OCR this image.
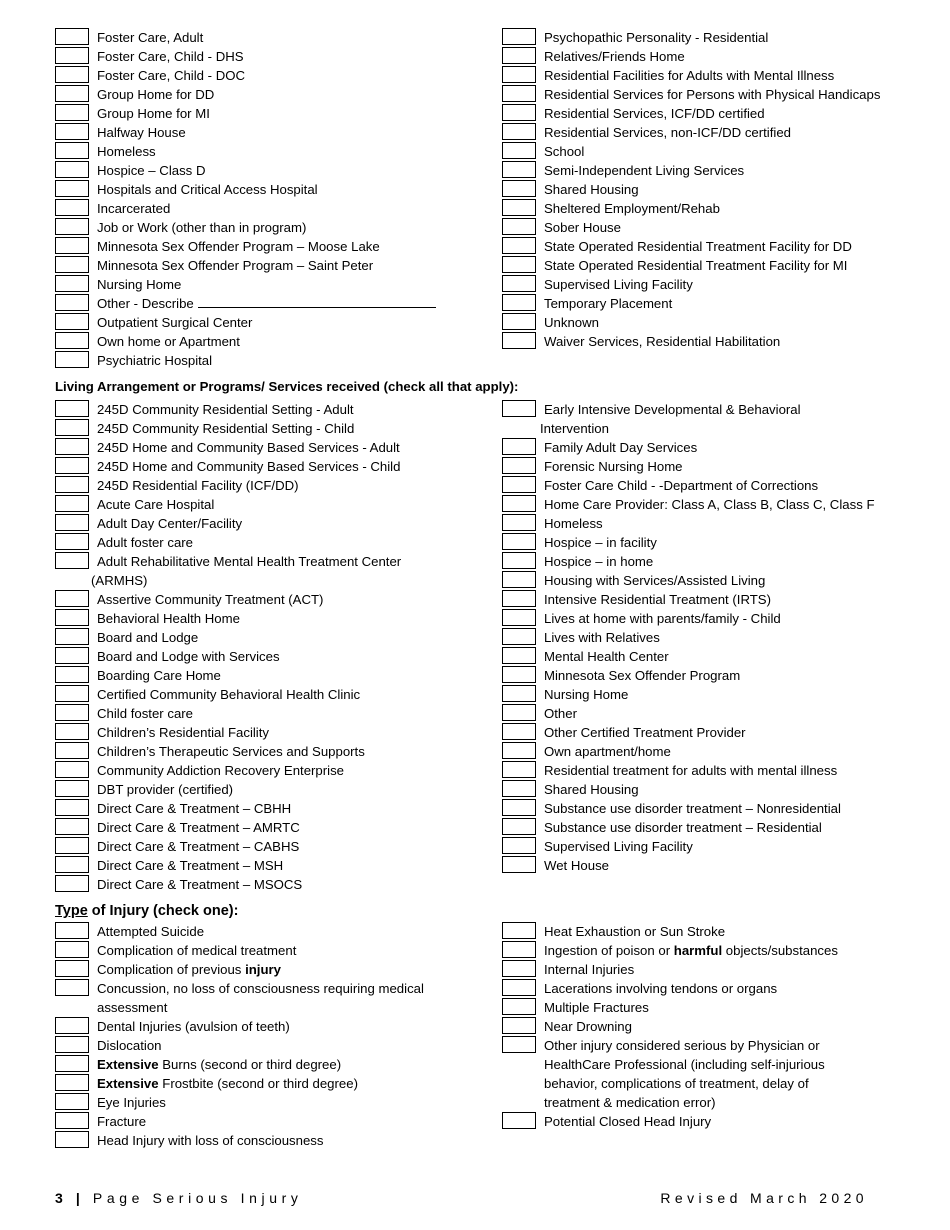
Foster Care, Adult
Foster Care, Child - DHS
Foster Care, Child - DOC
Group Home for DD
Group Home for MI
Halfway House
Homeless
Hospice – Class D
Hospitals and Critical Access Hospital
Incarcerated
Job or Work (other than in program)
Minnesota Sex Offender Program – Moose Lake
Minnesota Sex Offender Program – Saint Peter
Nursing Home
Other - Describe
Outpatient Surgical Center
Own home or Apartment
Psychiatric Hospital
Psychopathic Personality - Residential
Relatives/Friends Home
Residential Facilities for Adults with Mental Illness
Residential Services for Persons with Physical Handicaps
Residential Services, ICF/DD certified
Residential Services, non-ICF/DD certified
School
Semi-Independent Living Services
Shared Housing
Sheltered Employment/Rehab
Sober House
State Operated Residential Treatment Facility for DD
State Operated Residential Treatment Facility for MI
Supervised Living Facility
Temporary Placement
Unknown
Waiver Services, Residential Habilitation
Living Arrangement or Programs/ Services received (check all that apply):
245D Community Residential Setting - Adult
245D Community Residential Setting - Child
245D Home and Community Based Services - Adult
245D Home and Community Based Services - Child
245D Residential Facility (ICF/DD)
Acute Care Hospital
Adult Day Center/Facility
Adult foster care
Adult Rehabilitative Mental Health Treatment Center
(ARMHS)
Assertive Community Treatment (ACT)
Behavioral Health Home
Board and Lodge
Board and Lodge with Services
Boarding Care Home
Certified Community Behavioral Health Clinic
Child foster care
Children’s Residential Facility
Children’s Therapeutic Services and Supports
Community Addiction Recovery Enterprise
DBT provider (certified)
Direct Care & Treatment – CBHH
Direct Care & Treatment – AMRTC
Direct Care & Treatment – CABHS
Direct Care & Treatment – MSH
Direct Care & Treatment – MSOCS
Early Intensive Developmental & Behavioral
Intervention
Family Adult Day Services
Forensic Nursing Home
Foster Care Child - -Department of Corrections
Home Care Provider: Class A, Class B, Class C, Class F
Homeless
Hospice – in facility
Hospice – in home
Housing with Services/Assisted Living
Intensive Residential Treatment (IRTS)
Lives at home with parents/family - Child
Lives with Relatives
Mental Health Center
Minnesota Sex Offender Program
Nursing Home
Other
Other Certified Treatment Provider
Own apartment/home
Residential treatment for adults with mental illness
Shared Housing
Substance use disorder treatment – Nonresidential
Substance use disorder treatment – Residential
Supervised Living Facility
Wet House
Type of Injury (check one):
Attempted Suicide
Complication of medical treatment
Complication of previous injury
Concussion, no loss of consciousness requiring medical
assessment
Dental Injuries (avulsion of teeth)
Dislocation
Extensive Burns (second or third degree)
Extensive Frostbite (second or third degree)
Eye Injuries
Fracture
Head Injury with loss of consciousness
Heat Exhaustion or Sun Stroke
Ingestion of poison or harmful objects/substances
Internal Injuries
Lacerations involving tendons or organs
Multiple Fractures
Near Drowning
Other injury considered serious by Physician or
HealthCare Professional (including self-injurious
behavior, complications of treatment, delay of
treatment & medication error)
Potential Closed Head Injury
3 | Page Serious Injury	Revised March 2020
